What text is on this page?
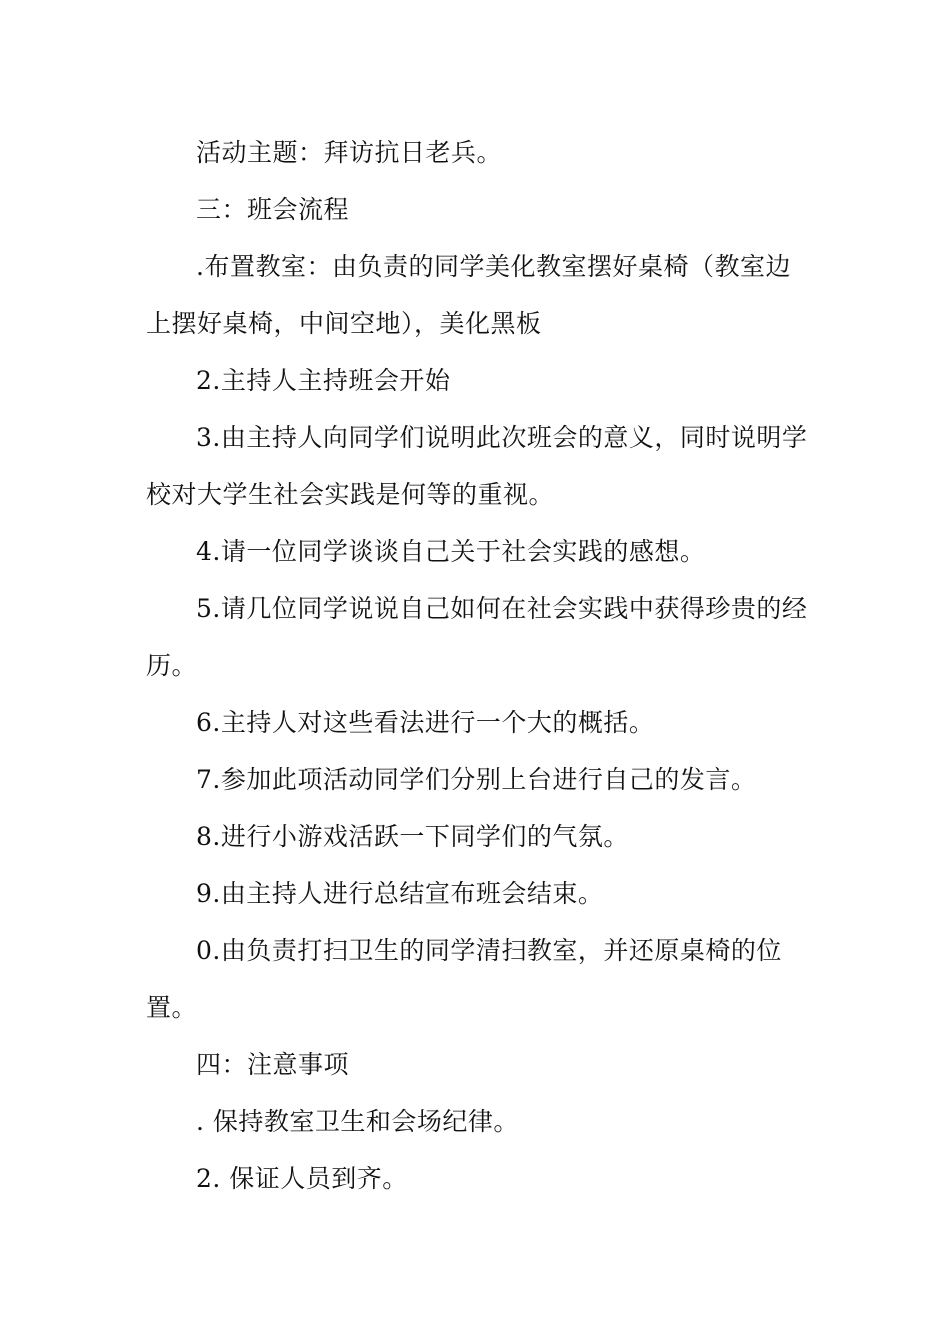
活动主题：拜访抗日老兵。

三：班会流程

.布置教室：由负责的同学美化教室摆好桌椅（教室边上摆好桌椅，中间空地），美化黑板

2.主持人主持班会开始

3.由主持人向同学们说明此次班会的意义，同时说明学校对大学生社会实践是何等的重视。

4.请一位同学谈谈自己关于社会实践的感想。

5.请几位同学说说自己如何在社会实践中获得珍贵的经历。

6.主持人对这些看法进行一个大的概括。

7.参加此项活动同学们分别上台进行自己的发言。

8.进行小游戏活跃一下同学们的气氛。

9.由主持人进行总结宣布班会结束。

0.由负责打扫卫生的同学清扫教室，并还原桌椅的位置。

四：注意事项

. 保持教室卫生和会场纪律。

2. 保证人员到齐。
